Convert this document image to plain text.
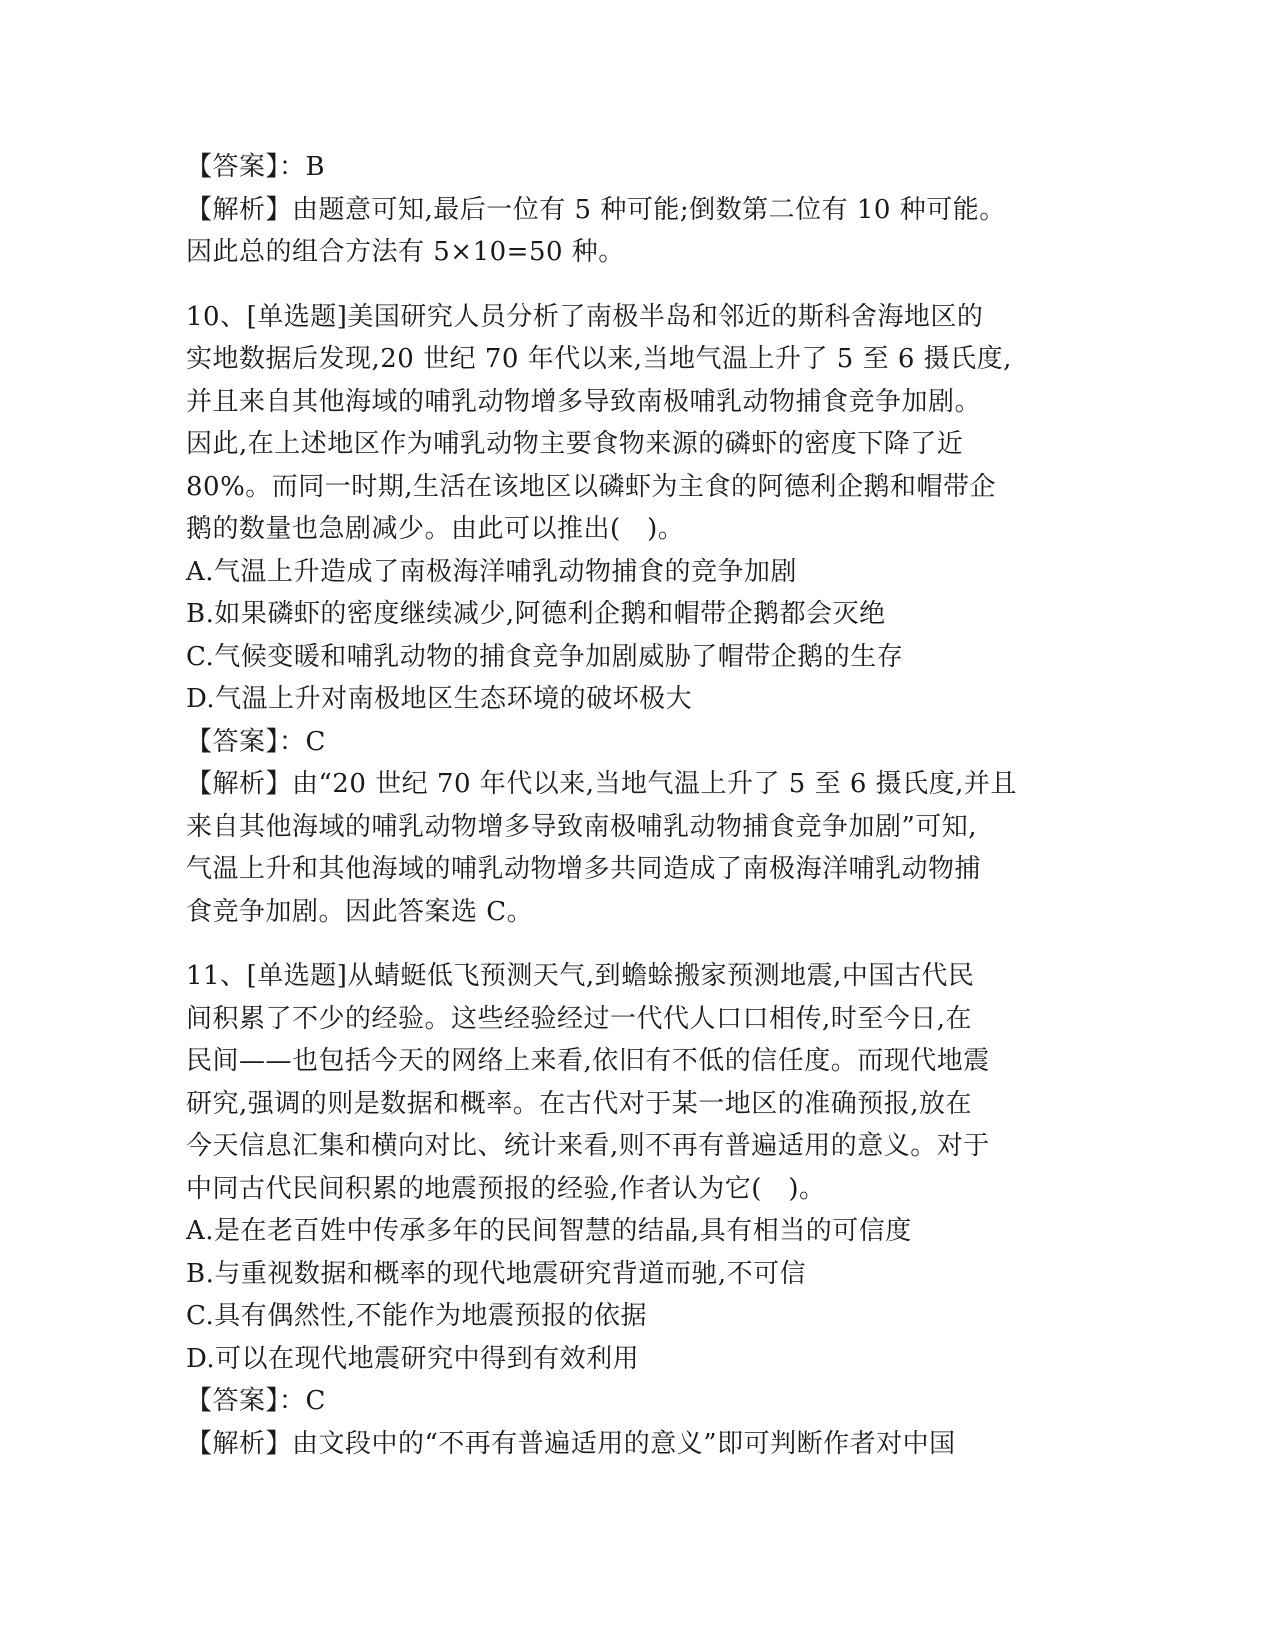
【答案】：B
【解析】由题意可知,最后一位有 5 种可能;倒数第二位有 10 种可能。
因此总的组合方法有 5×10=50 种。
10、[单选题]美国研究人员分析了南极半岛和邻近的斯科舍海地区的
实地数据后发现,20 世纪 70 年代以来,当地气温上升了 5 至 6 摄氏度,
并且来自其他海域的哺乳动物增多导致南极哺乳动物捕食竞争加剧。
因此,在上述地区作为哺乳动物主要食物来源的磷虾的密度下降了近
80%。而同一时期,生活在该地区以磷虾为主食的阿德利企鹅和帽带企
鹅的数量也急剧减少。由此可以推出(　)。
A.气温上升造成了南极海洋哺乳动物捕食的竞争加剧
B.如果磷虾的密度继续减少,阿德利企鹅和帽带企鹅都会灭绝
C.气候变暖和哺乳动物的捕食竞争加剧威胁了帽带企鹅的生存
D.气温上升对南极地区生态环境的破坏极大
【答案】：C
【解析】由“20 世纪 70 年代以来,当地气温上升了 5 至 6 摄氏度,并且
来自其他海域的哺乳动物增多导致南极哺乳动物捕食竞争加剧”可知,
气温上升和其他海域的哺乳动物增多共同造成了南极海洋哺乳动物捕
食竞争加剧。因此答案选 C。
11、[单选题]从蜻蜓低飞预测天气,到蟾蜍搬家预测地震,中国古代民
间积累了不少的经验。这些经验经过一代代人口口相传,时至今日,在
民间——也包括今天的网络上来看,依旧有不低的信任度。而现代地震
研究,强调的则是数据和概率。在古代对于某一地区的准确预报,放在
今天信息汇集和横向对比、统计来看,则不再有普遍适用的意义。对于
中同古代民间积累的地震预报的经验,作者认为它(　)。
A.是在老百姓中传承多年的民间智慧的结晶,具有相当的可信度
B.与重视数据和概率的现代地震研究背道而驰,不可信
C.具有偶然性,不能作为地震预报的依据
D.可以在现代地震研究中得到有效利用
【答案】：C
【解析】由文段中的“不再有普遍适用的意义”即可判断作者对中国
